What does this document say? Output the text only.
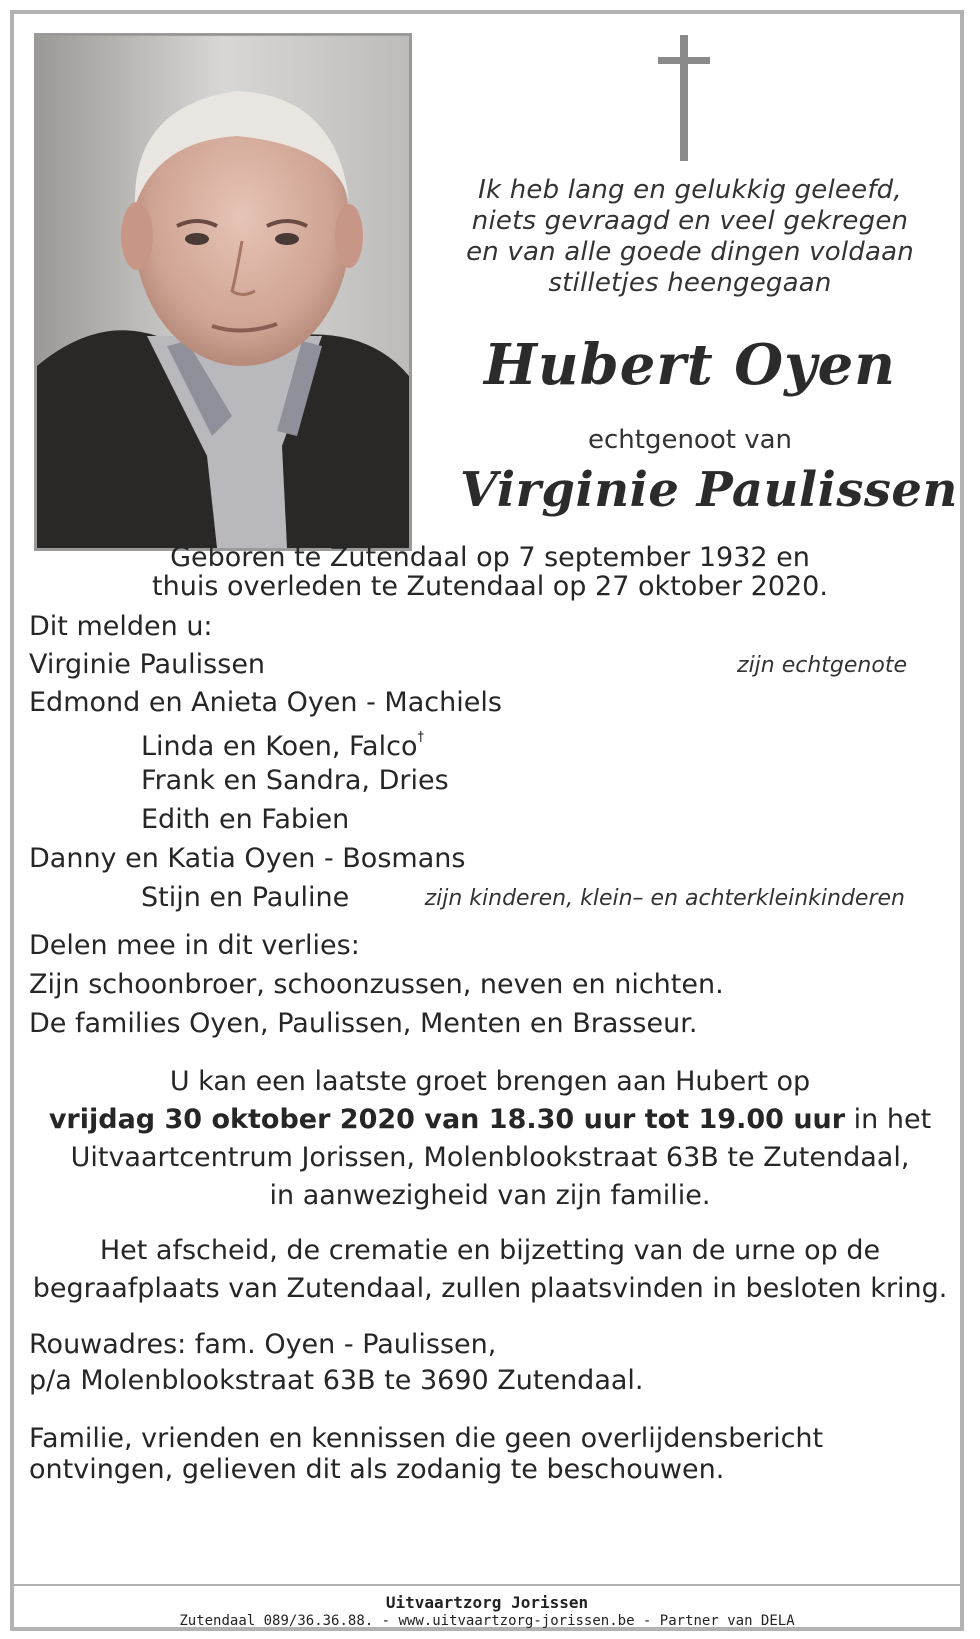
Ik heb lang en gelukkig geleefd,
niets gevraagd en veel gekregen
en van alle goede dingen voldaan
stilletjes heengegaan
Hubert Oyen
echtgenoot van
Virginie Paulissen
Geboren te Zutendaal op 7 september 1932 en
thuis overleden te Zutendaal op 27 oktober 2020.
Dit melden u:
Virginie Paulissen	zijn echtgenote
Edmond en Anieta Oyen - Machiels
Linda en Koen, Falco†
Frank en Sandra, Dries
Edith en Fabien
Danny en Katia Oyen - Bosmans
Stijn en Pauline	zijn kinderen, klein– en achterkleinkinderen
Delen mee in dit verlies:
Zijn schoonbroer, schoonzussen, neven en nichten.
De families Oyen, Paulissen, Menten en Brasseur.
U kan een laatste groet brengen aan Hubert op
vrijdag 30 oktober 2020 van 18.30 uur tot 19.00 uur in het
Uitvaartcentrum Jorissen, Molenblookstraat 63B te Zutendaal,
in aanwezigheid van zijn familie.
Het afscheid, de crematie en bijzetting van de urne op de
begraafplaats van Zutendaal, zullen plaatsvinden in besloten kring.
Rouwadres: fam. Oyen - Paulissen,
p/a Molenblookstraat 63B te 3690 Zutendaal.
Familie, vrienden en kennissen die geen overlijdensbericht
ontvingen, gelieven dit als zodanig te beschouwen.
Uitvaartzorg Jorissen
Zutendaal 089/36.36.88. - www.uitvaartzorg-jorissen.be - Partner van DELA
